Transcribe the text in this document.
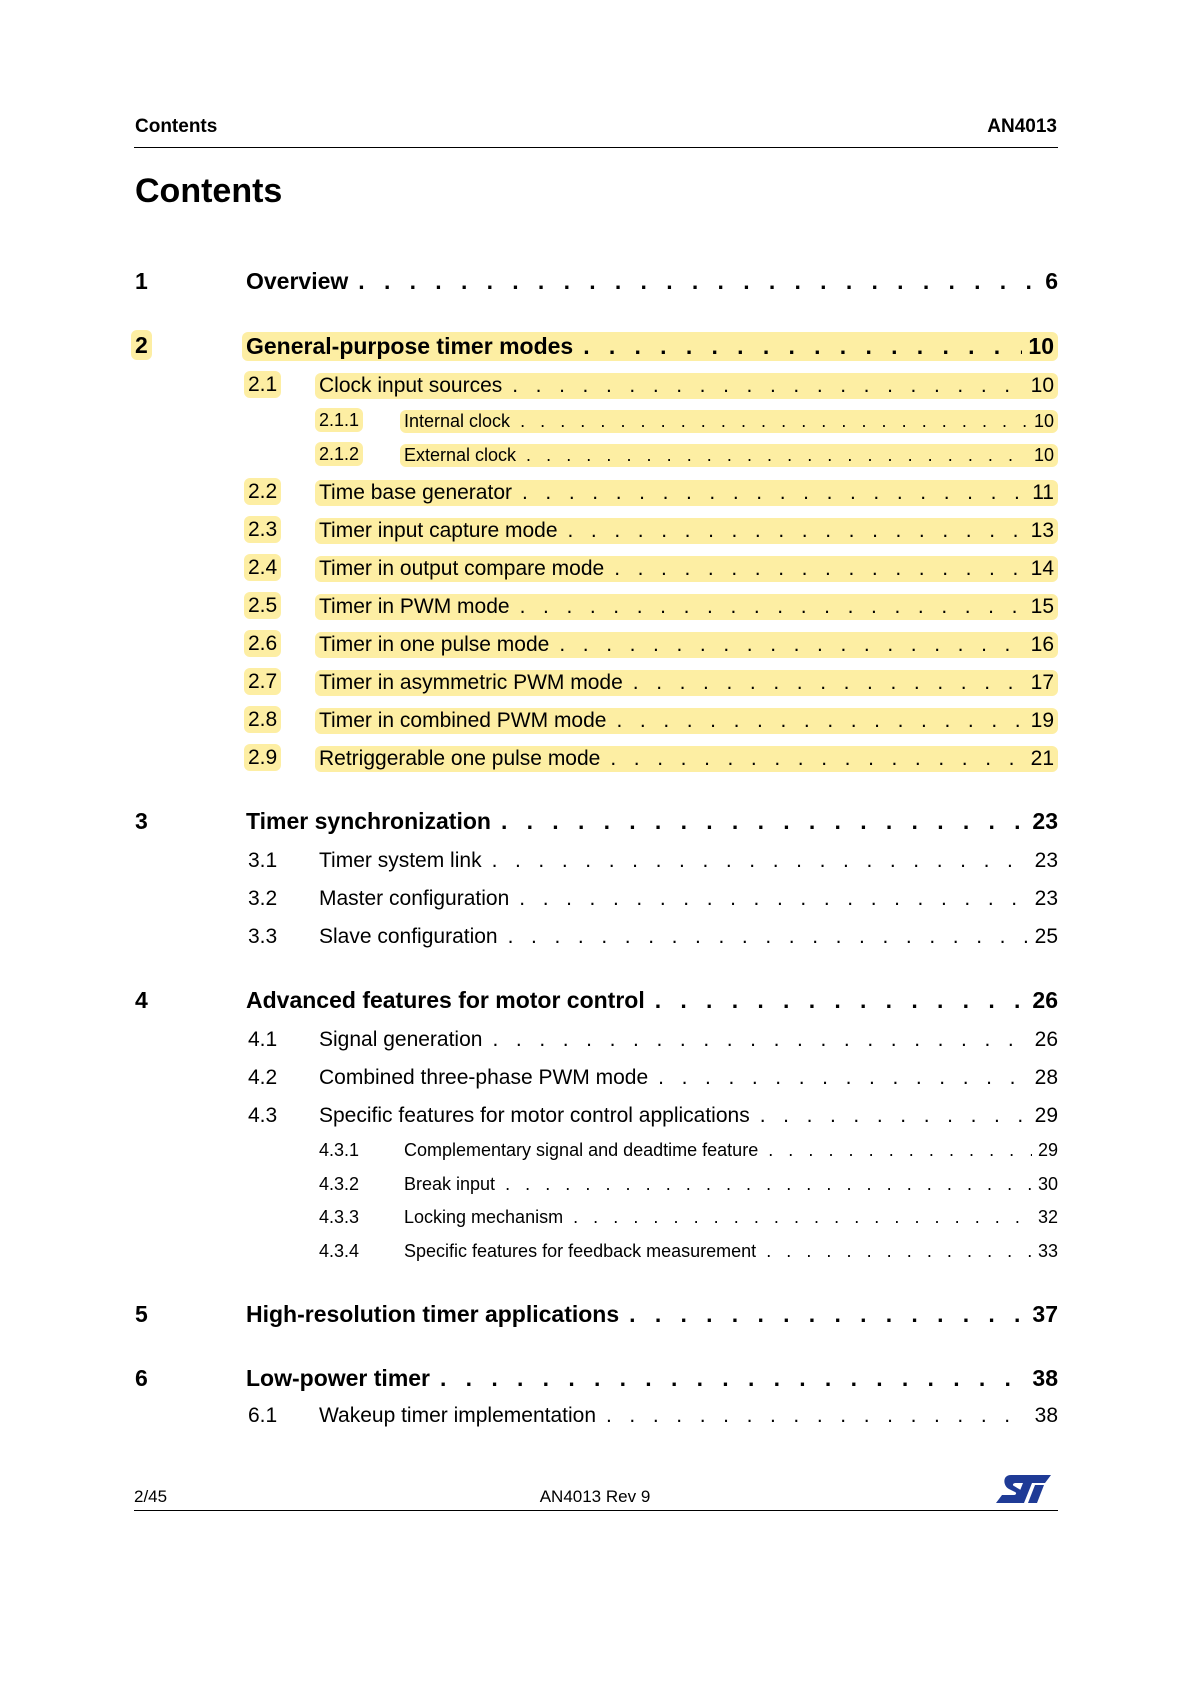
Contents	AN4013
Contents
1	Overview . . .	6
2	General-purpose timer modes . . .	10
2.1 Clock input sources . . .	10
2.1.1 Internal clock . . .	10
2.1.2 External clock . . .	10
2.2 Time base generator . . .	11
2.3 Timer input capture mode . . .	13
2.4 Timer in output compare mode . . .	14
2.5 Timer in PWM mode . . .	15
2.6 Timer in one pulse mode . . .	16
2.7 Timer in asymmetric PWM mode . . .	17
2.8 Timer in combined PWM mode . . .	19
2.9 Retriggerable one pulse mode . . .	21
3	Timer synchronization . . .	23
3.1 Timer system link . . .	23
3.2 Master configuration . . .	23
3.3 Slave configuration . . .	25
4	Advanced features for motor control . . .	26
4.1 Signal generation . . .	26
4.2 Combined three-phase PWM mode . . .	28
4.3 Specific features for motor control applications . . .	29
4.3.1 Complementary signal and deadtime feature . . .	29
4.3.2 Break input . . .	30
4.3.3 Locking mechanism . . .	32
4.3.4 Specific features for feedback measurement . . .	33
5	High-resolution timer applications . . .	37
6	Low-power timer . . .	38
6.1 Wakeup timer implementation . . .	38
2/45	AN4013 Rev 9
